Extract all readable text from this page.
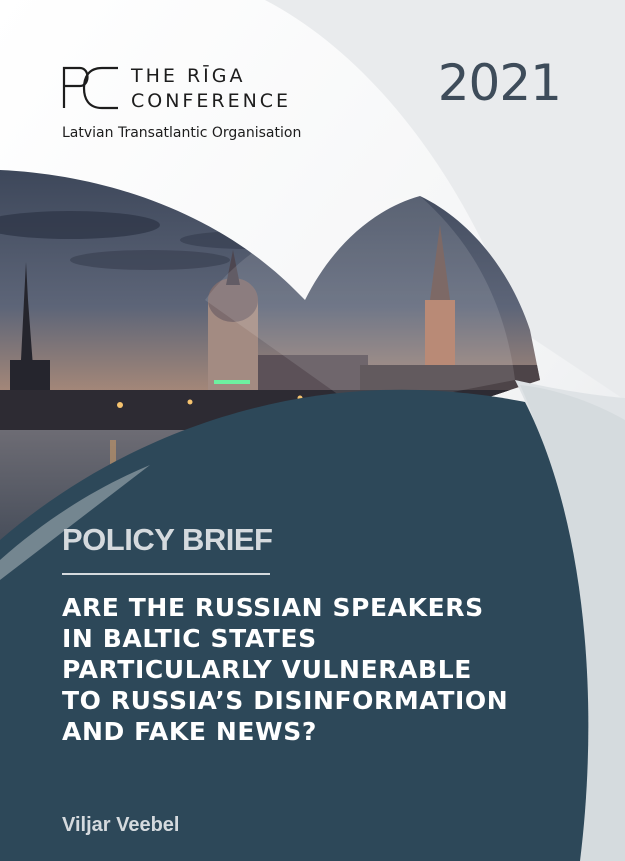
THE RĪGA
CONFERENCE
Latvian Transatlantic Organisation
2021
POLICY BRIEF
ARE THE RUSSIAN SPEAKERS
IN BALTIC STATES
PARTICULARLY VULNERABLE
TO RUSSIA’S DISINFORMATION
AND FAKE NEWS?
Viljar Veebel
